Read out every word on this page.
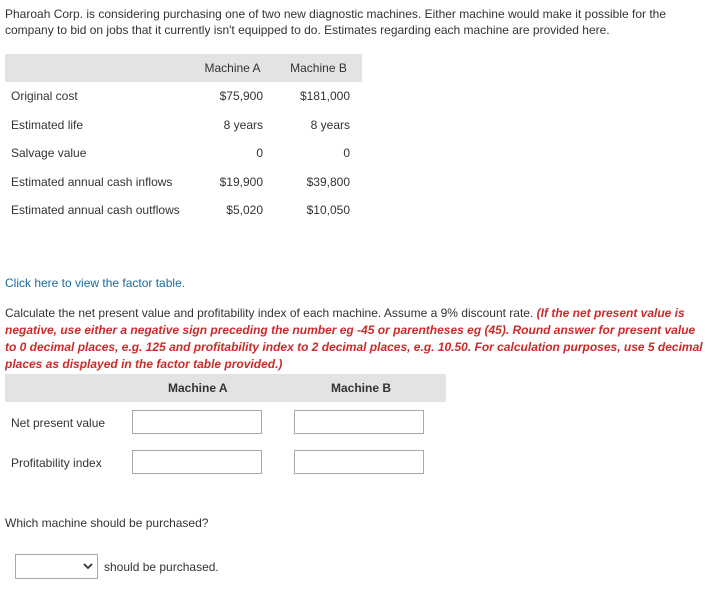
Pharoah Corp. is considering purchasing one of two new diagnostic machines. Either machine would make it possible for the company to bid on jobs that it currently isn't equipped to do. Estimates regarding each machine are provided here.
	Machine A	Machine B
Original cost	$75,900	$181,000
Estimated life	8 years	8 years
Salvage value	0	0
Estimated annual cash inflows	$19,900	$39,800
Estimated annual cash outflows	$5,020	$10,050
Click here to view the factor table.
Calculate the net present value and profitability index of each machine. Assume a 9% discount rate. (If the net present value is negative, use either a negative sign preceding the number eg -45 or parentheses eg (45). Round answer for present value to 0 decimal places, e.g. 125 and profitability index to 2 decimal places, e.g. 10.50. For calculation purposes, use 5 decimal places as displayed in the factor table provided.)
Machine A	Machine B
Net present value
Profitability index
Which machine should be purchased?
should be purchased.
